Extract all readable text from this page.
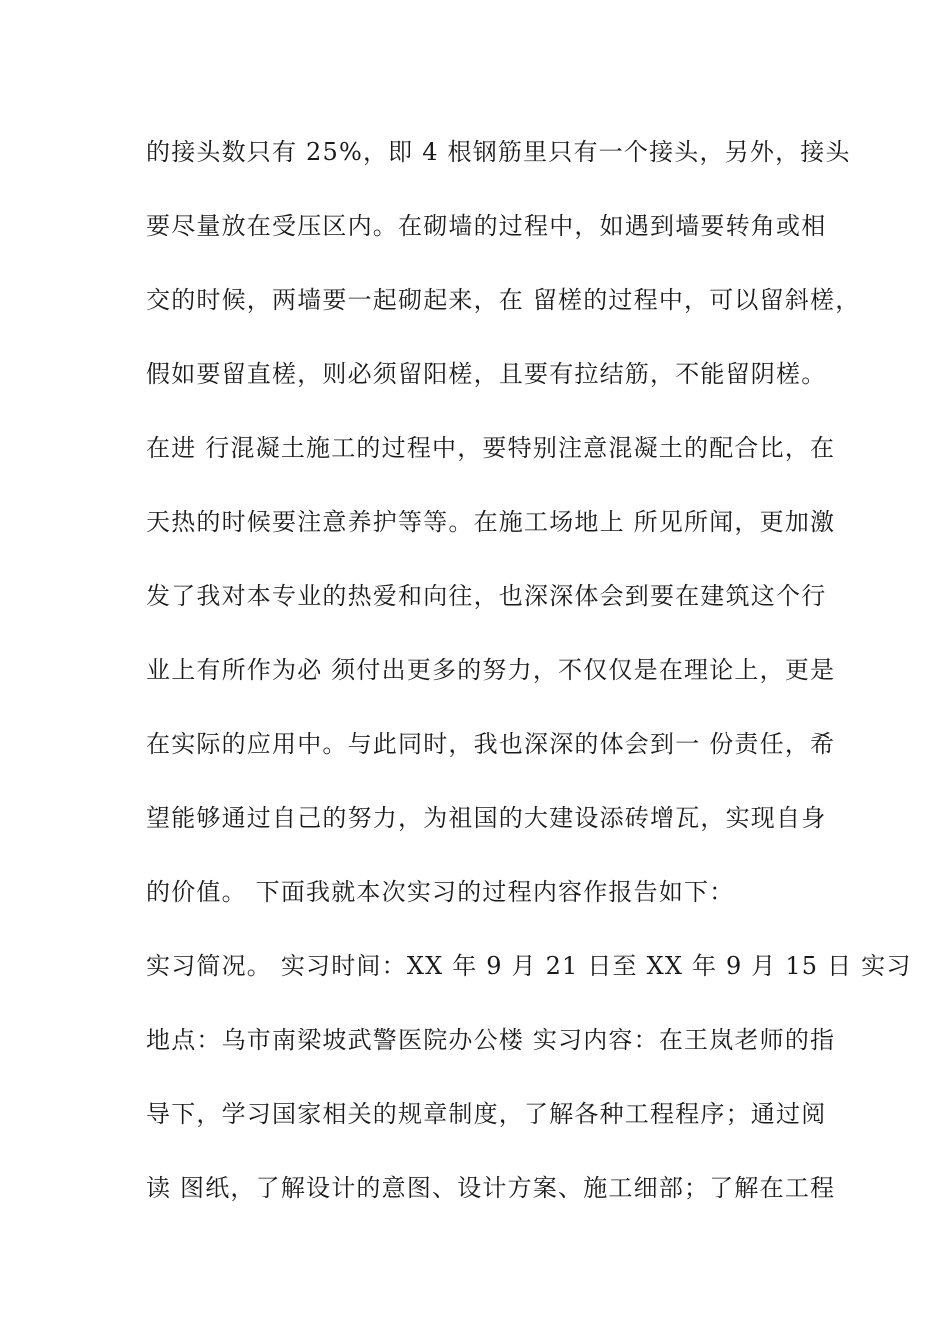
的接头数只有 25%，即 4 根钢筋里只有一个接头，另外，接头
要尽量放在受压区内。在砌墙的过程中，如遇到墙要转角或相
交的时候，两墙要一起砌起来，在 留槎的过程中，可以留斜槎，
假如要留直槎，则必须留阳槎，且要有拉结筋，不能留阴槎。
在进 行混凝土施工的过程中，要特别注意混凝土的配合比，在
天热的时候要注意养护等等。在施工场地上 所见所闻，更加激
发了我对本专业的热爱和向往，也深深体会到要在建筑这个行
业上有所作为必 须付出更多的努力，不仅仅是在理论上，更是
在实际的应用中。与此同时，我也深深的体会到一 份责任，希
望能够通过自己的努力，为祖国的大建设添砖增瓦，实现自身
的价值。 下面我就本次实习的过程内容作报告如下：
实习简况。 实习时间：XX 年 9 月 21 日至 XX 年 9 月 15 日 实习
地点：乌市南梁坡武警医院办公楼 实习内容：在王岚老师的指
导下，学习国家相关的规章制度，了解各种工程程序；通过阅
读 图纸，了解设计的意图、设计方案、施工细部；了解在工程
